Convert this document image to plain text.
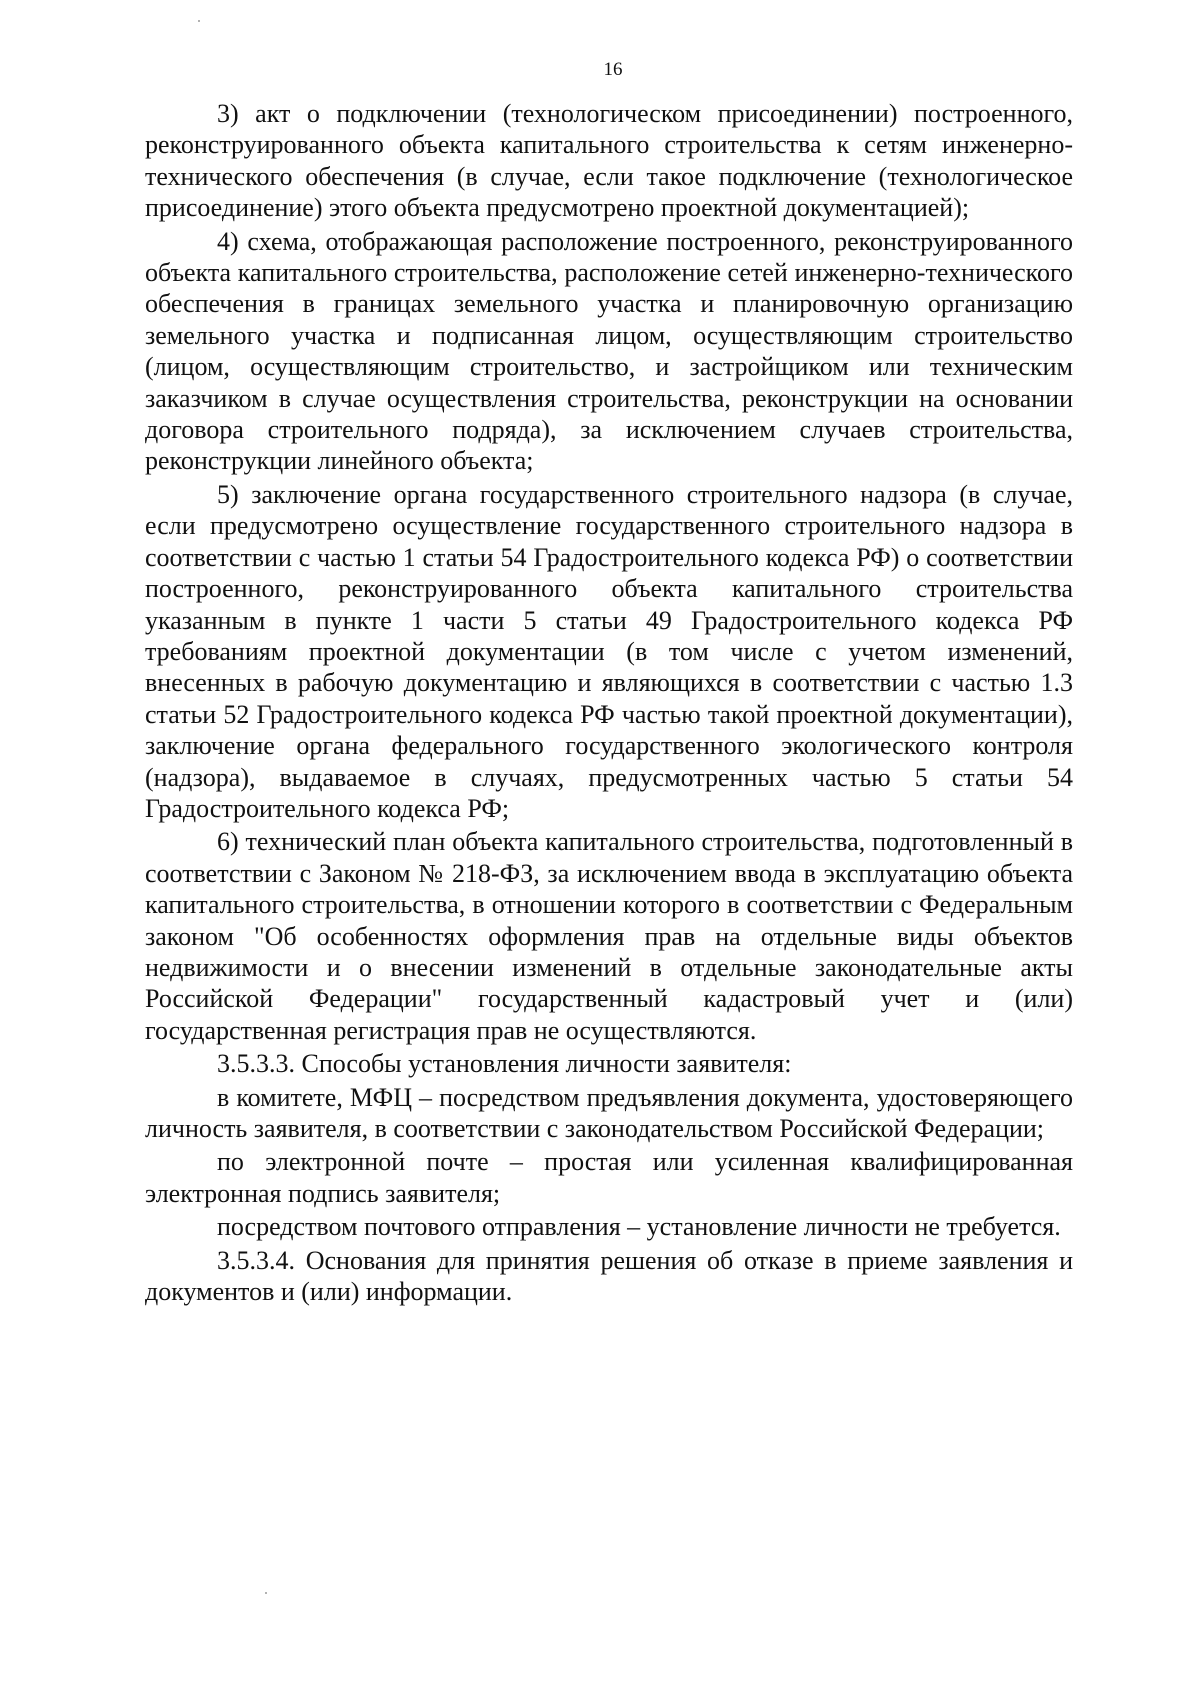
16

3) акт о подключении (технологическом присоединении) построенного, реконструированного объекта капитального строительства к сетям инженерно-технического обеспечения (в случае, если такое подключение (технологическое присоединение) этого объекта предусмотрено проектной документацией);

4) схема, отображающая расположение построенного, реконструированного объекта капитального строительства, расположение сетей инженерно-технического обеспечения в границах земельного участка и планировочную организацию земельного участка и подписанная лицом, осуществляющим строительство (лицом, осуществляющим строительство, и застройщиком или техническим заказчиком в случае осуществления строительства, реконструкции на основании договора строительного подряда), за исключением случаев строительства, реконструкции линейного объекта;

5) заключение органа государственного строительного надзора (в случае, если предусмотрено осуществление государственного строительного надзора в соответствии с частью 1 статьи 54 Градостроительного кодекса РФ) о соответствии построенного, реконструированного объекта капитального строительства указанным в пункте 1 части 5 статьи 49 Градостроительного кодекса РФ требованиям проектной документации (в том числе с учетом изменений, внесенных в рабочую документацию и являющихся в соответствии с частью 1.3 статьи 52 Градостроительного кодекса РФ частью такой проектной документации), заключение органа федерального государственного экологического контроля (надзора), выдаваемое в случаях, предусмотренных частью 5 статьи 54 Градостроительного кодекса РФ;

6) технический план объекта капитального строительства, подготовленный в соответствии с Законом № 218-ФЗ, за исключением ввода в эксплуатацию объекта капитального строительства, в отношении которого в соответствии с Федеральным законом "Об особенностях оформления прав на отдельные виды объектов недвижимости и о внесении изменений в отдельные законодательные акты Российской Федерации" государственный кадастровый учет и (или) государственная регистрация прав не осуществляются.

3.5.3.3. Способы установления личности заявителя:

в комитете, МФЦ – посредством предъявления документа, удостоверяющего личность заявителя, в соответствии с законодательством Российской Федерации;

по электронной почте – простая или усиленная квалифицированная электронная подпись заявителя;

посредством почтового отправления – установление личности не требуется.

3.5.3.4. Основания для принятия решения об отказе в приеме заявления и документов и (или) информации.
